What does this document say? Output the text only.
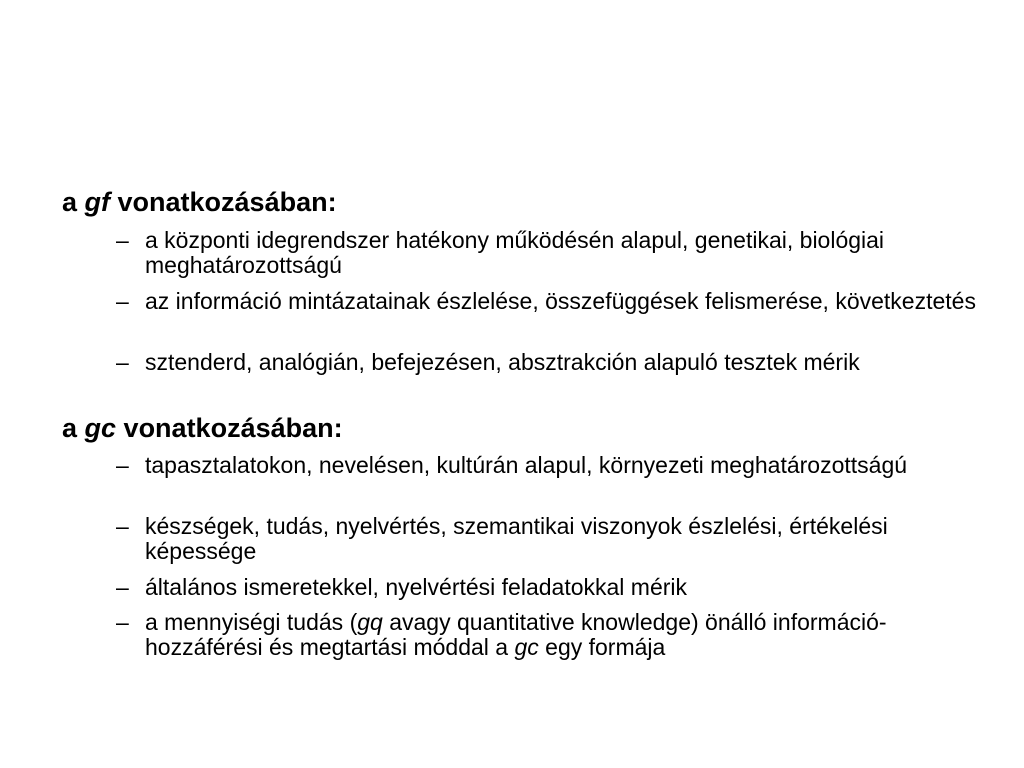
a gf vonatkozásában:
– a központi idegrendszer hatékony működésén alapul, genetikai, biológiai meghatározottságú
– az információ mintázatainak észlelése, összefüggések felismerése, következtetés
– sztenderd, analógián, befejezésen, absztrakción alapuló tesztek mérik
a gc vonatkozásában:
– tapasztalatokon, nevelésen, kultúrán alapul, környezeti meghatározottságú
– készségek, tudás, nyelvértés, szemantikai viszonyok észlelési, értékelési képessége
– általános ismeretekkel, nyelvértési feladatokkal mérik
– a mennyiségi tudás (gq avagy quantitative knowledge) önálló információ- hozzáférési és megtartási móddal a gc egy formája
